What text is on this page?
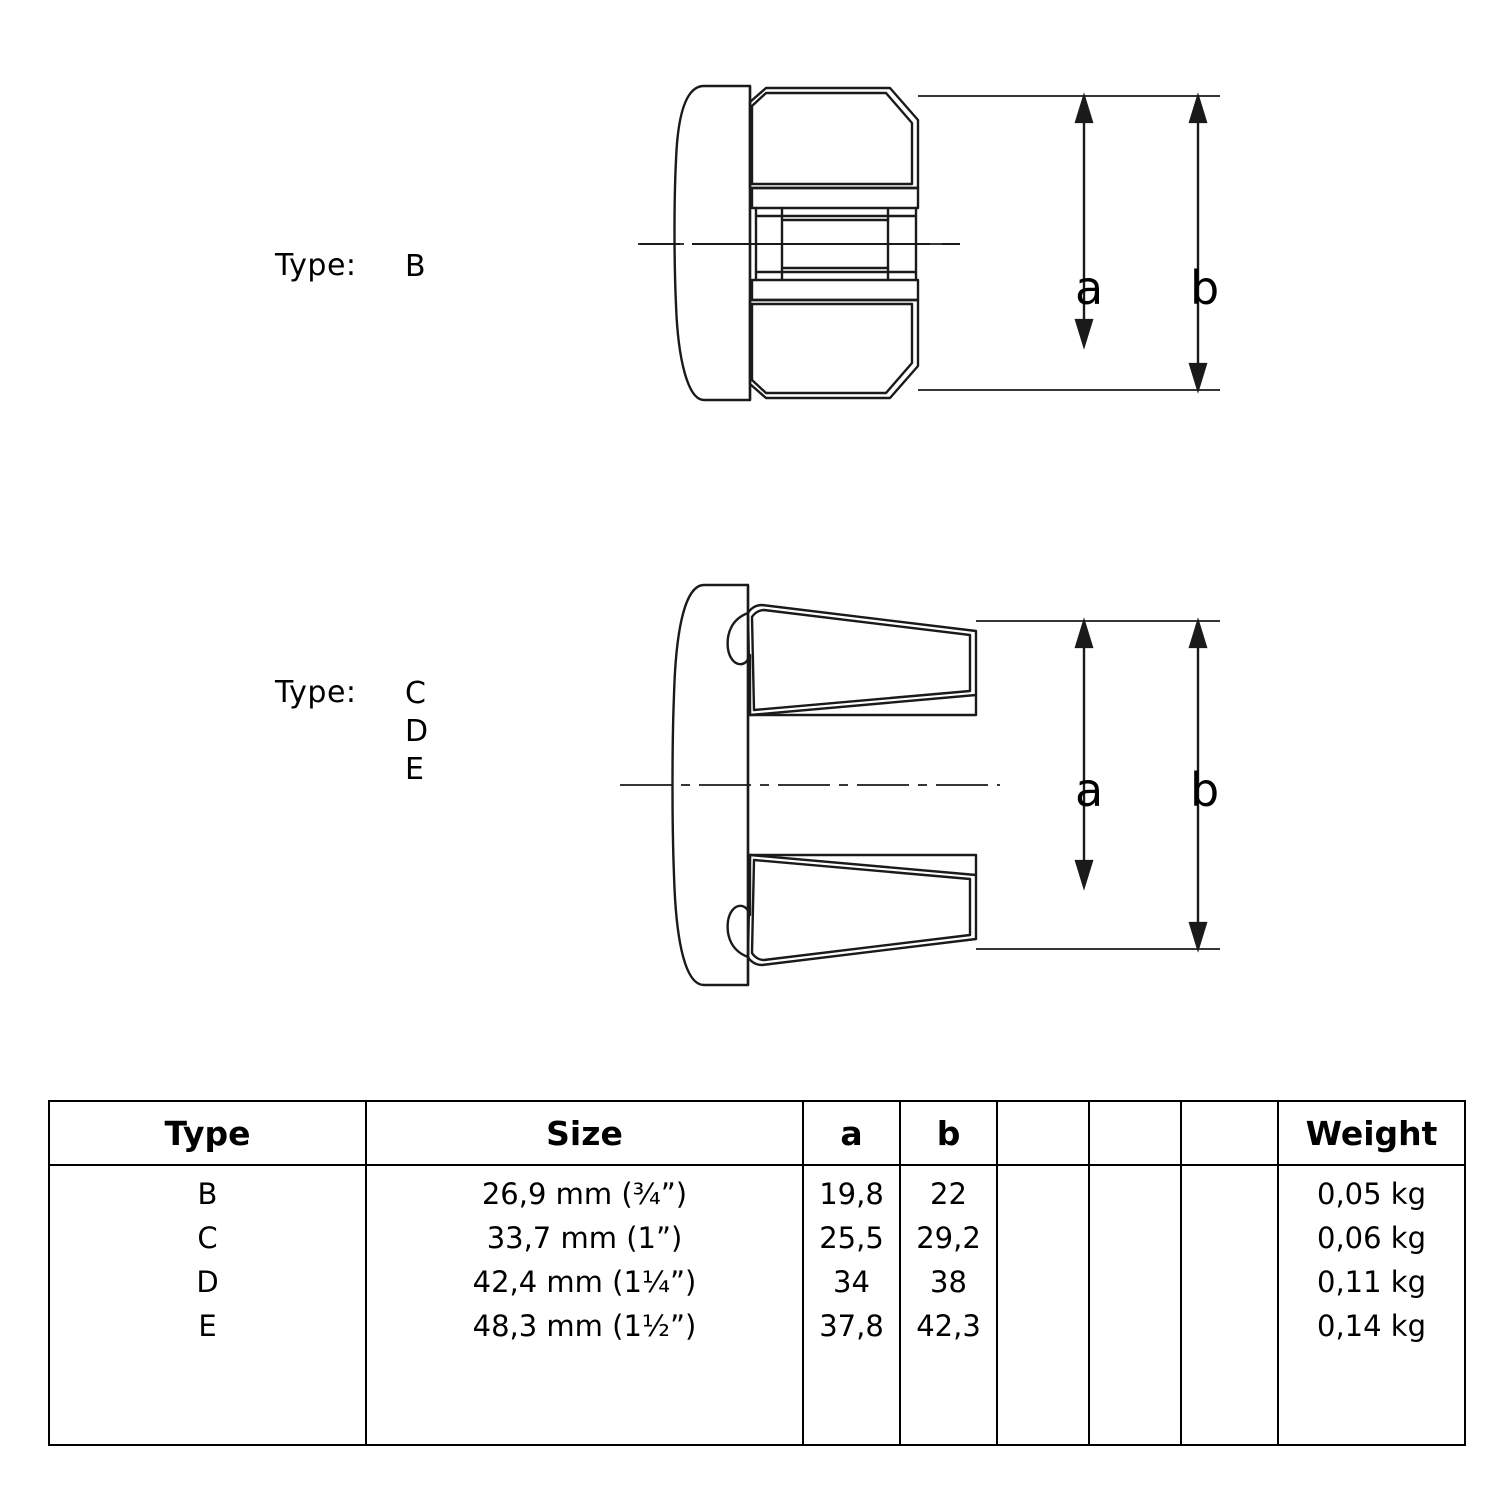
Type: B	a b
Type: C
D
E	a b
Type	Size	a	b				Weight
B	26,9 mm (¾”)	19,8	22				0,05 kg
C	33,7 mm (1”)	25,5	29,2				0,06 kg
D	42,4 mm (1¼”)	34	38				0,11 kg
E	48,3 mm (1½”)	37,8	42,3				0,14 kg
